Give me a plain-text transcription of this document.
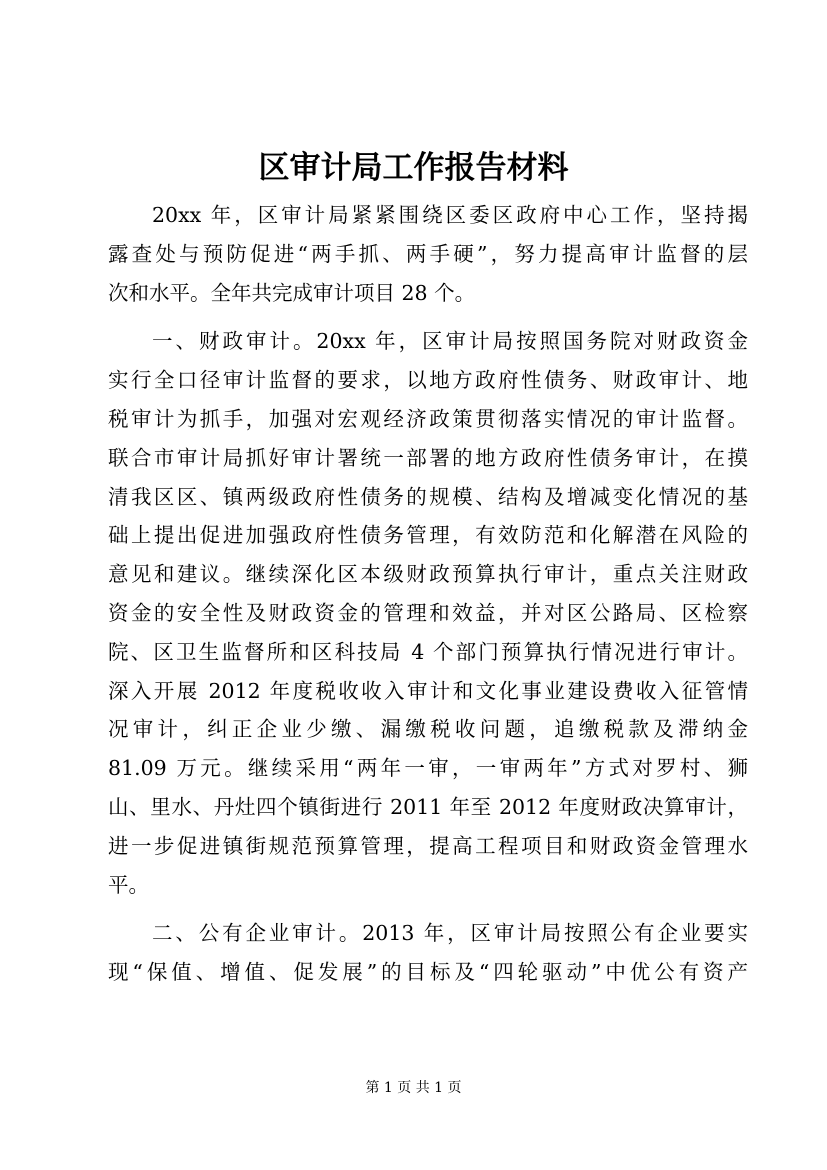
区审计局工作报告材料
20xx 年，区审计局紧紧围绕区委区政府中心工作，坚持揭
露查处与预防促进“两手抓、两手硬”，努力提高审计监督的层
次和水平。全年共完成审计项目 28 个。
一、财政审计。20xx 年，区审计局按照国务院对财政资金
实行全口径审计监督的要求，以地方政府性债务、财政审计、地
税审计为抓手，加强对宏观经济政策贯彻落实情况的审计监督。
联合市审计局抓好审计署统一部署的地方政府性债务审计，在摸
清我区区、镇两级政府性债务的规模、结构及增减变化情况的基
础上提出促进加强政府性债务管理，有效防范和化解潜在风险的
意见和建议。继续深化区本级财政预算执行审计，重点关注财政
资金的安全性及财政资金的管理和效益，并对区公路局、区检察
院、区卫生监督所和区科技局 4 个部门预算执行情况进行审计。
深入开展 2012 年度税收收入审计和文化事业建设费收入征管情
况审计，纠正企业少缴、漏缴税收问题，追缴税款及滞纳金
81.09 万元。继续采用“两年一审，一审两年”方式对罗村、狮
山、里水、丹灶四个镇街进行 2011 年至 2012 年度财政决算审计，
进一步促进镇街规范预算管理，提高工程项目和财政资金管理水
平。
二、公有企业审计。2013 年，区审计局按照公有企业要实
现“保值、增值、促发展”的目标及“四轮驱动”中优公有资产
第 1 页 共 1 页
